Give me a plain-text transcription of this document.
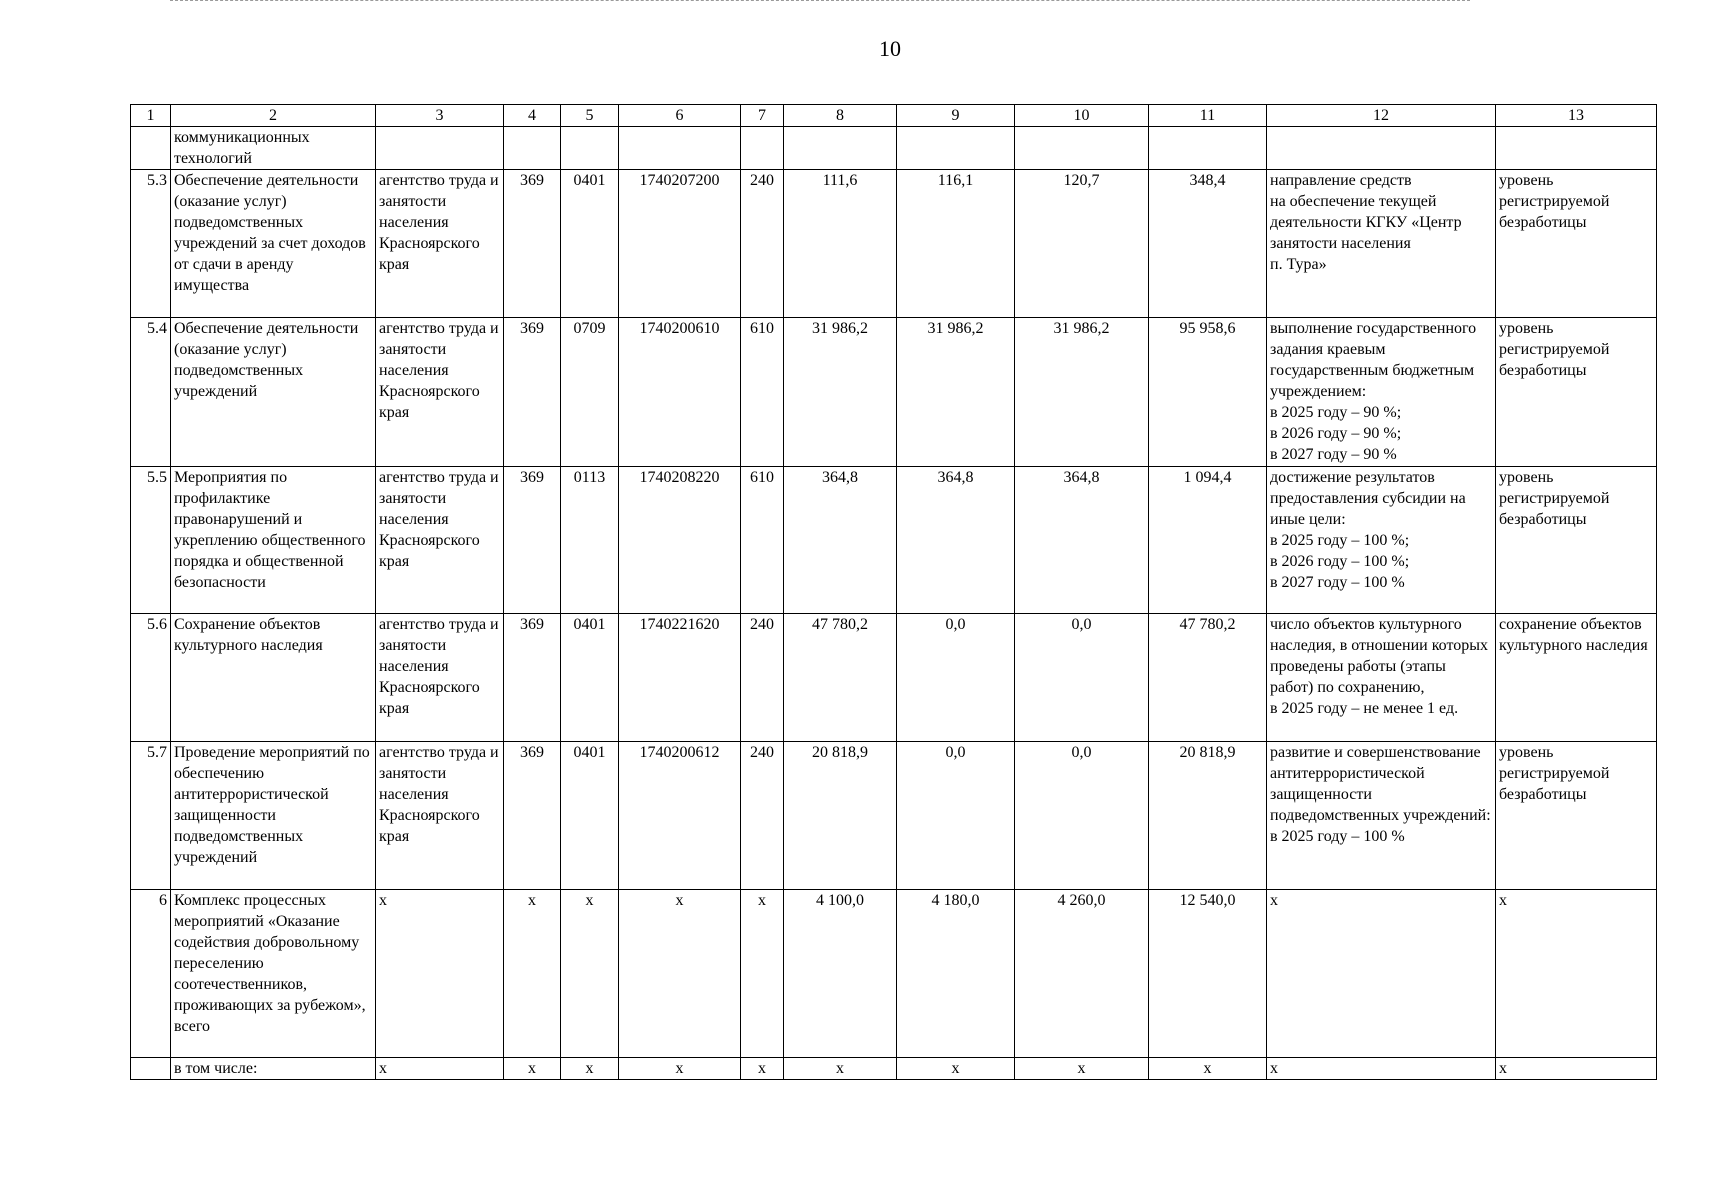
10
1	2	3	4	5	6	7	8	9	10	11	12	13
	коммуникационных технологий											
5.3	Обеспечение деятельности (оказание услуг) подведомственных учреждений за счет доходов от сдачи в аренду имущества	агентство труда и занятости населения Красноярского края	369	0401	1740207200	240	111,6	116,1	120,7	348,4	направление средств
на обеспечение текущей деятельности КГКУ «Центр занятости населения
п. Тура»	уровень регистрируемой безработицы
5.4	Обеспечение деятельности (оказание услуг) подведомственных учреждений	агентство труда и занятости населения Красноярского края	369	0709	1740200610	610	31 986,2	31 986,2	31 986,2	95 958,6	выполнение государственного задания краевым государственным бюджетным учреждением:
в 2025 году – 90 %;
в 2026 году – 90 %;
в 2027 году – 90 %	уровень регистрируемой безработицы
5.5	Мероприятия по профилактике правонарушений и укреплению общественного порядка и общественной безопасности	агентство труда и занятости населения Красноярского края	369	0113	1740208220	610	364,8	364,8	364,8	1 094,4	достижение результатов предоставления субсидии на иные цели:
в 2025 году – 100 %;
в 2026 году – 100 %;
в 2027 году – 100 %	уровень регистрируемой безработицы
5.6	Сохранение объектов культурного наследия	агентство труда и занятости населения Красноярского края	369	0401	1740221620	240	47 780,2	0,0	0,0	47 780,2	число объектов культурного наследия, в отношении которых проведены работы (этапы работ) по сохранению,
в 2025 году – не менее 1 ед.	сохранение объектов культурного наследия
5.7	Проведение мероприятий по обеспечению антитеррористической защищенности подведомственных учреждений	агентство труда и занятости населения Красноярского края	369	0401	1740200612	240	20 818,9	0,0	0,0	20 818,9	развитие и совершенствование антитеррористической защищенности подведомственных учреждений:
в 2025 году – 100 %	уровень регистрируемой безработицы
6	Комплекс процессных мероприятий «Оказание содействия добровольному переселению соотечественников, проживающих за рубежом», всего	х	х	х	х	х	4 100,0	4 180,0	4 260,0	12 540,0	х	х
	в том числе:	х	х	х	х	х	х	х	х	х	х	х
